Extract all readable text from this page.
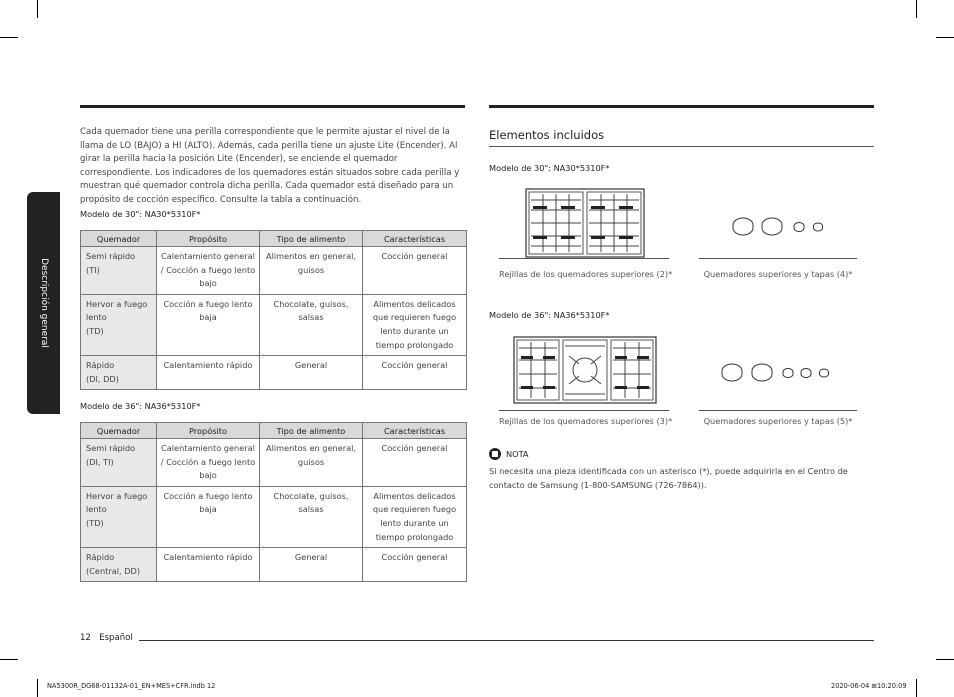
Descripción general
Cada quemador tiene una perilla correspondiente que le permite ajustar el nivel de la llama de LO (BAJO) a HI (ALTO). Además, cada perilla tiene un ajuste Lite (Encender). Al girar la perilla hacia la posición Lite (Encender), se enciende el quemador correspondiente. Los indicadores de los quemadores están situados sobre cada perilla y muestran qué quemador controla dicha perilla. Cada quemador está diseñado para un propósito de cocción específico. Consulte la tabla a continuación.
Modelo de 30": NA30*5310F*
Quemador	Propósito	Tipo de alimento	Características
Semi rápido
(TI)	Calentamiento general / Cocción a fuego lento bajo	Alimentos en general, guisos	Cocción general
Hervor a fuego lento
(TD)	Cocción a fuego lento baja	Chocolate, guisos, salsas	Alimentos delicados que requieren fuego lento durante un tiempo prolongado
Rápido
(DI, DD)	Calentamiento rápido	General	Cocción general
Modelo de 36": NA36*5310F*
Quemador	Propósito	Tipo de alimento	Características
Semi rápido
(DI, TI)	Calentamiento general / Cocción a fuego lento bajo	Alimentos en general, guisos	Cocción general
Hervor a fuego lento
(TD)	Cocción a fuego lento baja	Chocolate, guisos, salsas	Alimentos delicados que requieren fuego lento durante un tiempo prolongado
Rápido
(Central, DD)	Calentamiento rápido	General	Cocción general
Elementos incluidos
Modelo de 30": NA30*5310F*
Rejillas de los quemadores superiores (2)*	Quemadores superiores y tapas (4)*
Modelo de 36": NA36*5310F*
Rejillas de los quemadores superiores (3)*	Quemadores superiores y tapas (5)*
NOTA
Si necesita una pieza identificada con un asterisco (*), puede adquirirla en el Centro de contacto de Samsung (1-800-SAMSUNG (726-7864)).
12 Español
NA5300R_DG68-01132A-01_EN+MES+CFR.indb 12	2020-06-04 ⊞10:20:09
